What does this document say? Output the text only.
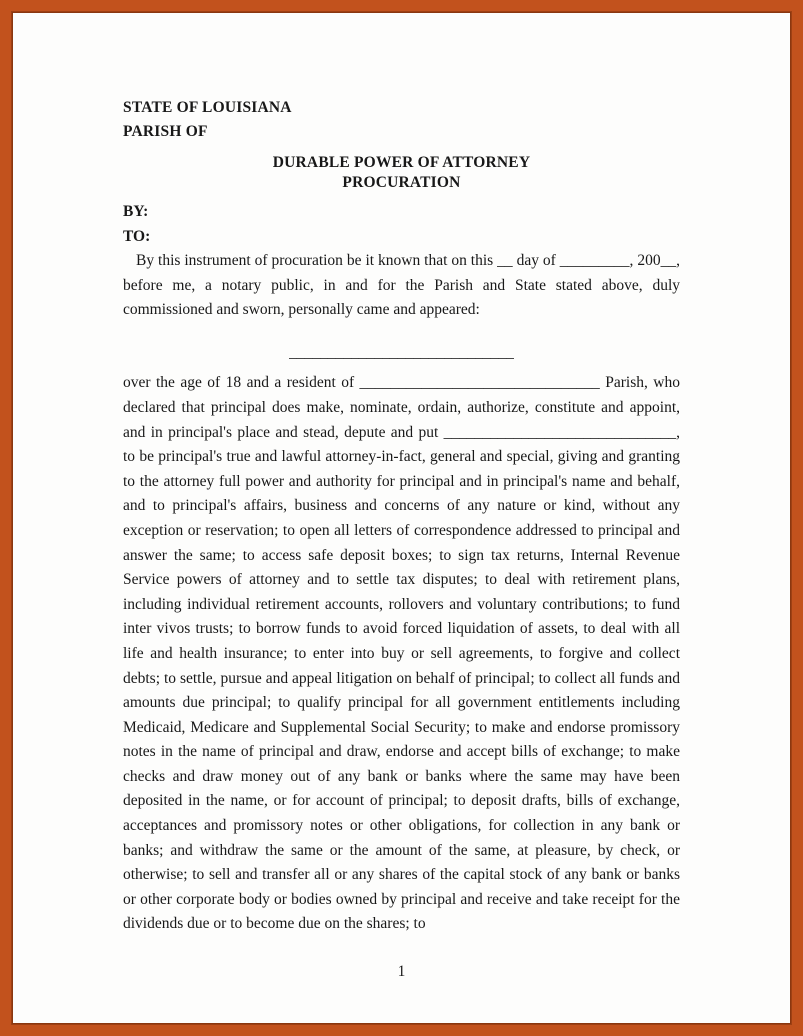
STATE OF LOUISIANA
PARISH OF
DURABLE POWER OF ATTORNEY
PROCURATION
BY:
TO:

By this instrument of procuration be it known that on this __ day of _________, 200__, before me, a notary public, in and for the Parish and State stated above, duly commissioned and sworn, personally came and appeared:

_____________________________

over the age of 18 and a resident of _______________________________ Parish, who declared that principal does make, nominate, ordain, authorize, constitute and appoint, and in principal's place and stead, depute and put ______________________________, to be principal's true and lawful attorney-in-fact, general and special, giving and granting to the attorney full power and authority for principal and in principal's name and behalf, and to principal's affairs, business and concerns of any nature or kind, without any exception or reservation; to open all letters of correspondence addressed to principal and answer the same; to access safe deposit boxes; to sign tax returns, Internal Revenue Service powers of attorney and to settle tax disputes; to deal with retirement plans, including individual retirement accounts, rollovers and voluntary contributions; to fund inter vivos trusts; to borrow funds to avoid forced liquidation of assets, to deal with all life and health insurance; to enter into buy or sell agreements, to forgive and collect debts; to settle, pursue and appeal litigation on behalf of principal; to collect all funds and amounts due principal; to qualify principal for all government entitlements including Medicaid, Medicare and Supplemental Social Security; to make and endorse promissory notes in the name of principal and draw, endorse and accept bills of exchange; to make checks and draw money out of any bank or banks where the same may have been deposited in the name, or for account of principal; to deposit drafts, bills of exchange, acceptances and promissory notes or other obligations, for collection in any bank or banks; and withdraw the same or the amount of the same, at pleasure, by check, or otherwise; to sell and transfer all or any shares of the capital stock of any bank or banks or other corporate body or bodies owned by principal and receive and take receipt for the dividends due or to become due on the shares; to

1
